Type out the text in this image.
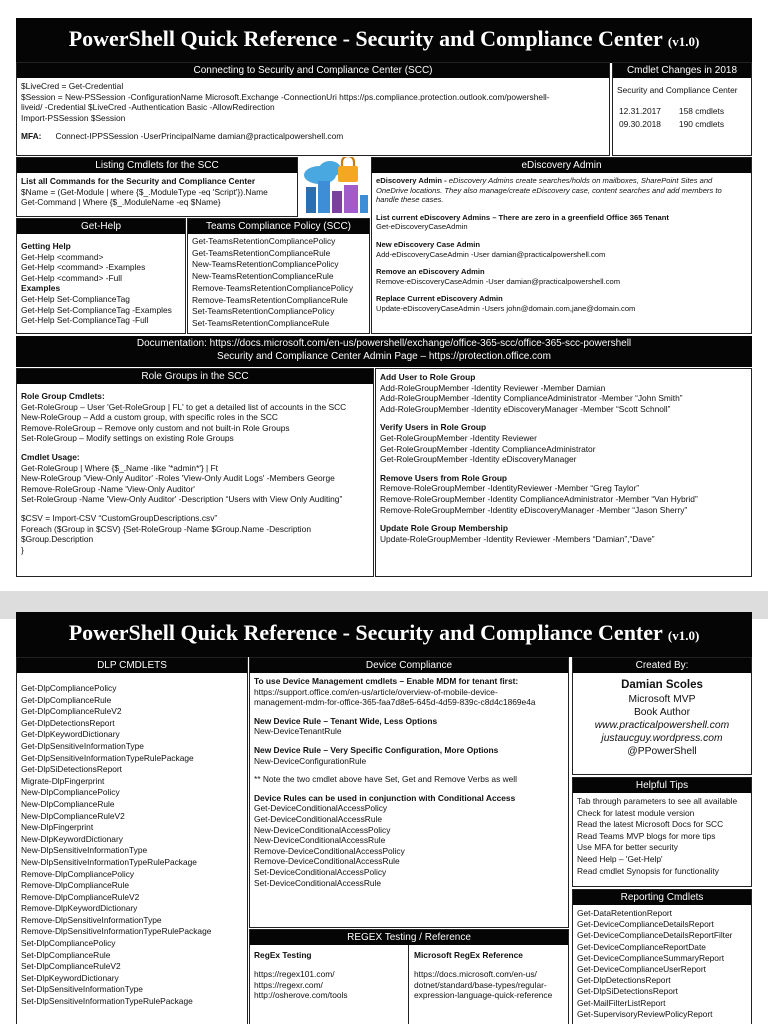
PowerShell Quick Reference - Security and Compliance Center (v1.0)
Connecting to Security and Compliance Center (SCC)
$LiveCred = Get-Credential
$Session = New-PSSession -ConfigurationName Microsoft.Exchange -ConnectionUri https://ps.compliance.protection.outlook.com/powershell-
liveid/ -Credential $LiveCred -Authentication Basic -AllowRedirection
Import-PSSession $Session
MFA: Connect-IPPSSession -UserPrincipalName damian@practicalpowershell.com
Cmdlet Changes in 2018
Security and Compliance Center
12.31.2017	158 cmdlets
09.30.2018	190 cmdlets
Listing Cmdlets for the SCC
List all Commands for the Security and Compliance Center
$Name = (Get-Module | where {$_.ModuleType -eq 'Script'}).Name
Get-Command | Where {$_.ModuleName -eq $Name}
Get-Help
Getting Help
Get-Help <command>
Get-Help <command> -Examples
Get-Help <command> -Full
Examples
Get-Help Set-ComplianceTag
Get-Help Set-ComplianceTag -Examples
Get-Help Set-ComplianceTag -Full
Teams Compliance Policy (SCC)
Get-TeamsRetentionCompliancePolicy
Get-TeamsRetentionComplianceRule
New-TeamsRetentionCompliancePolicy
New-TeamsRetentionComplianceRule
Remove-TeamsRetentionCompliancePolicy
Remove-TeamsRetentionComplianceRule
Set-TeamsRetentionCompliancePolicy
Set-TeamsRetentionComplianceRule
eDiscovery Admin
eDiscovery Admin - eDiscovery Admins create searches/holds on mailboxes, SharePoint Sites and
OneDrive locations. They also manage/create eDiscovery case, content searches and add members to
handle these cases.
List current eDiscovery Admins – There are zero in a greenfield Office 365 Tenant
Get-eDiscoveryCaseAdmin
New eDiscovery Case Admin
Add-eDiscoveryCaseAdmin -User damian@practicalpowershell.com
Remove an eDiscovery Admin
Remove-eDiscoveryCaseAdmin -User damian@practicalpowershell.com
Replace Current eDiscovery Admin
Update-eDiscoveryCaseAdmin -Users john@domain.com,jane@domain.com
Documentation: https://docs.microsoft.com/en-us/powershell/exchange/office-365-scc/office-365-scc-powershell
Security and Compliance Center Admin Page – https://protection.office.com
Role Groups in the SCC
Role Group Cmdlets:
Get-RoleGroup – User 'Get-RoleGroup | FL' to get a detailed list of accounts in the SCC
New-RoleGroup – Add a custom group, with specific roles in the SCC
Remove-RoleGroup – Remove only custom and not built-in Role Groups
Set-RoleGroup – Modify settings on existing Role Groups
Cmdlet Usage:
Get-RoleGroup | Where {$_.Name -like '*admin*'} | Ft
New-RoleGroup 'View-Only Auditor' -Roles 'View-Only Audit Logs' -Members George
Remove-RoleGroup -Name 'View-Only Auditor'
Set-RoleGroup -Name 'View-Only Auditor' -Description “Users with View Only Auditing”
$CSV = Import-CSV “CustomGroupDescriptions.csv”
Foreach ($Group in $CSV) {Set-RoleGroup -Name $Group.Name -Description
$Group.Description
}
Add User to Role Group
Add-RoleGroupMember -Identity Reviewer -Member Damian
Add-RoleGroupMember -Identity ComplianceAdministrator -Member “John Smith”
Add-RoleGroupMember -Identity eDiscoveryManager -Member “Scott Schnoll”
Verify Users in Role Group
Get-RoleGroupMember -Identity Reviewer
Get-RoleGroupMember -Identity ComplianceAdministrator
Get-RoleGroupMember -Identity eDiscoveryManager
Remove Users from Role Group
Remove-RoleGroupMember -IdentityReviewer -Member “Greg Taylor”
Remove-RoleGroupMember -Identity ComplianceAdministrator -Member “Van Hybrid”
Remove-RoleGroupMember -Identity eDiscoveryManager -Member “Jason Sherry”
Update Role Group Membership
Update-RoleGroupMember -Identity Reviewer -Members “Damian”,“Dave”
PowerShell Quick Reference - Security and Compliance Center (v1.0)
DLP CMDLETS
Get-DlpCompliancePolicy
Get-DlpComplianceRule
Get-DlpComplianceRuleV2
Get-DlpDetectionsReport
Get-DlpKeywordDictionary
Get-DlpSensitiveInformationType
Get-DlpSensitiveInformationTypeRulePackage
Get-DlpSiDetectionsReport
Migrate-DlpFingerprint
New-DlpCompliancePolicy
New-DlpComplianceRule
New-DlpComplianceRuleV2
New-DlpFingerprint
New-DlpKeywordDictionary
New-DlpSensitiveInformationType
New-DlpSensitiveInformationTypeRulePackage
Remove-DlpCompliancePolicy
Remove-DlpComplianceRule
Remove-DlpComplianceRuleV2
Remove-DlpKeywordDictionary
Remove-DlpSensitiveInformationType
Remove-DlpSensitiveInformationTypeRulePackage
Set-DlpCompliancePolicy
Set-DlpComplianceRule
Set-DlpComplianceRuleV2
Set-DlpKeywordDictionary
Set-DlpSensitiveInformationType
Set-DlpSensitiveInformationTypeRulePackage
Device Compliance
To use Device Management cmdlets – Enable MDM for tenant first:
https://support.office.com/en-us/article/overview-of-mobile-device-
management-mdm-for-office-365-faa7d8e5-645d-4d59-839c-c8d4c1869e4a
New Device Rule – Tenant Wide, Less Options
New-DeviceTenantRule
New Device Rule – Very Specific Configuration, More Options
New-DeviceConfigurationRule
** Note the two cmdlet above have Set, Get and Remove Verbs as well
Device Rules can be used in conjunction with Conditional Access
Get-DeviceConditionalAccessPolicy
Get-DeviceConditionalAccessRule
New-DeviceConditionalAccessPolicy
New-DeviceConditionalAccessRule
Remove-DeviceConditionalAccessPolicy
Remove-DeviceConditionalAccessRule
Set-DeviceConditionalAccessPolicy
Set-DeviceConditionalAccessRule
REGEX Testing / Reference
RegEx Testing
https://regex101.com/
https://regexr.com/
http://osherove.com/tools
Microsoft RegEx Reference
https://docs.microsoft.com/en-us/
dotnet/standard/base-types/regular-
expression-language-quick-reference
Created By:
Damian Scoles
Microsoft MVP
Book Author
www.practicalpowershell.com
justaucguy.wordpress.com
@PPowerShell
Helpful Tips
Tab through parameters to see all available
Check for latest module version
Read the latest Microsoft Docs for SCC
Read Teams MVP blogs for more tips
Use MFA for better security
Need Help – 'Get-Help'
Read cmdlet Synopsis for functionality
Reporting Cmdlets
Get-DataRetentionReport
Get-DeviceComplianceDetailsReport
Get-DeviceComplianceDetailsReportFilter
Get-DeviceComplianceReportDate
Get-DeviceComplianceSummaryReport
Get-DeviceComplianceUserReport
Get-DlpDetectionsReport
Get-DlpSiDetectionsReport
Get-MailFilterListReport
Get-SupervisoryReviewPolicyReport
